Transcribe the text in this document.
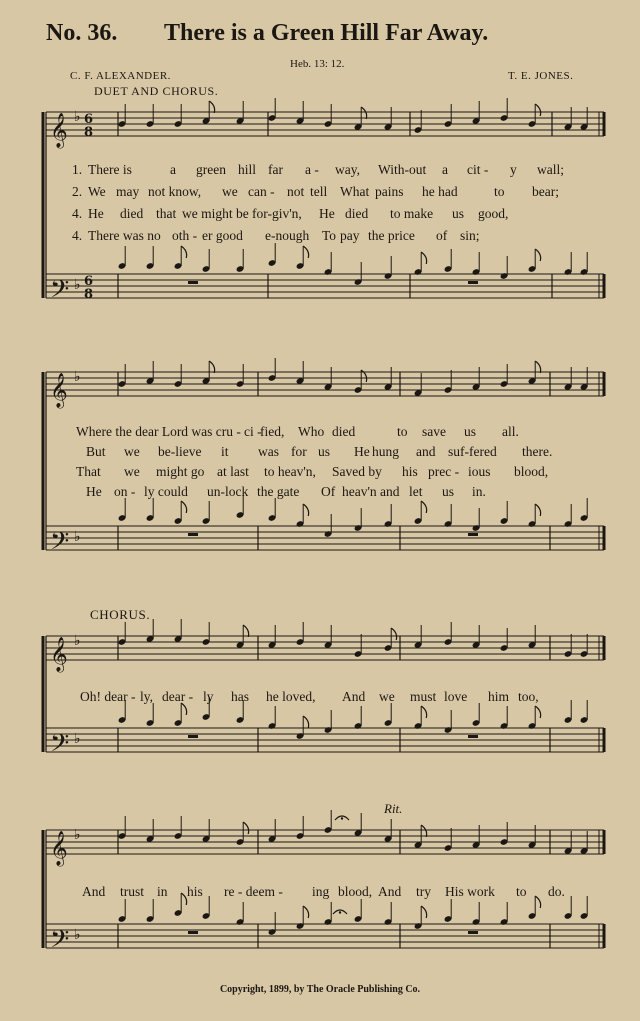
No. 36. There is a Green Hill Far Away.
Heb. 13: 12.
C. F. ALEXANDER.	T. E. JONES.
DUET AND CHORUS.
𝄞 ♭
𝄢 ♭
6
8
6
8
𝄞 ♭
𝄢 ♭
𝄞 ♭
𝄢 ♭
𝄞 ♭
𝄢 ♭
1. There is	a green hill far a - way, With-out a cit - y wall;
2. We may not know, we can - not tell What pains he had	to bear;
4. He died that we might be for-giv'n, He died to make us good,
4. There was no oth - er good e-nough To pay the price of sin;
Where the dear Lord was cru - ci -
fied, Who died	to save us all.
But we be-lieve it was for us He hung and suf-fered there.
That we might go at last to heav'n, Saved by his prec - ious blood,
He on - ly could un-lock the gate Of heav'n and let us in.
Oh! dear - ly, dear - ly has he loved, And we must love him too,
And trust in his re - deem - ing blood, And try His work to do.
CHORUS.
Rit.
Copyright, 1899, by The Oracle Publishing Co.
